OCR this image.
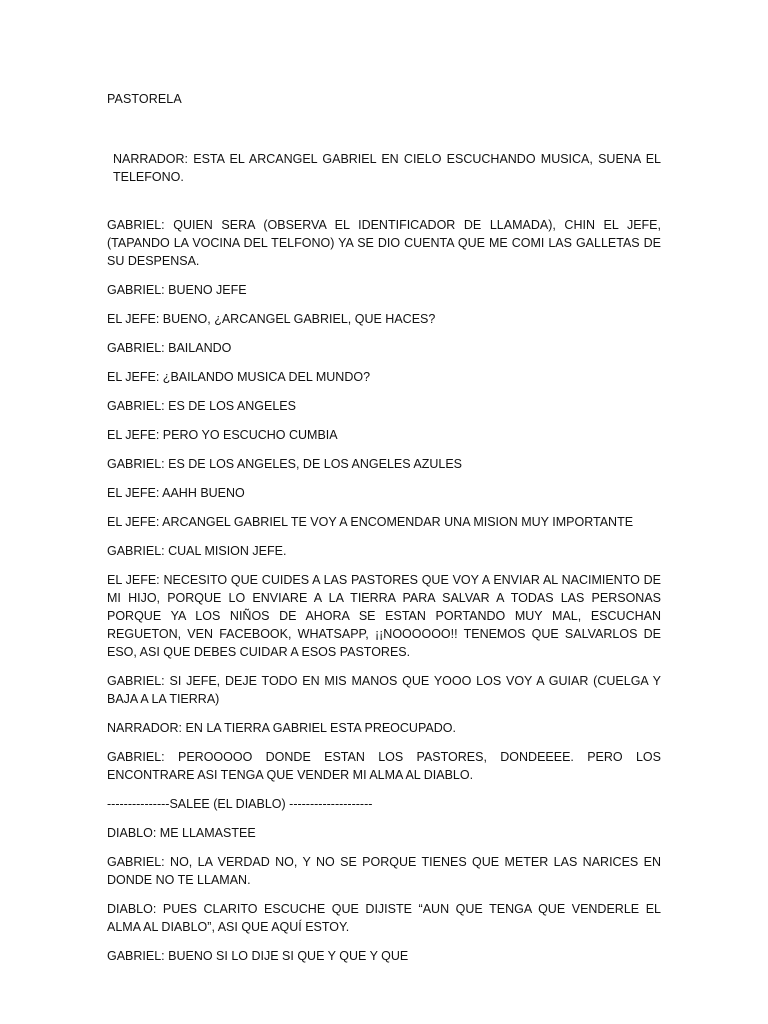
PASTORELA

NARRADOR: ESTA EL ARCANGEL GABRIEL EN CIELO ESCUCHANDO MUSICA, SUENA EL TELEFONO.

GABRIEL: QUIEN SERA (OBSERVA EL IDENTIFICADOR DE LLAMADA), CHIN EL JEFE, (TAPANDO LA VOCINA DEL TELFONO) YA SE DIO CUENTA QUE ME COMI LAS GALLETAS DE SU DESPENSA.

GABRIEL: BUENO JEFE

EL JEFE: BUENO, ¿ARCANGEL GABRIEL, QUE HACES?

GABRIEL: BAILANDO

EL JEFE: ¿BAILANDO MUSICA DEL MUNDO?

GABRIEL: ES DE LOS ANGELES

EL JEFE: PERO YO ESCUCHO CUMBIA

GABRIEL: ES DE LOS ANGELES, DE LOS ANGELES AZULES

EL JEFE: AAHH BUENO

EL JEFE: ARCANGEL GABRIEL TE VOY A ENCOMENDAR UNA MISION MUY IMPORTANTE

GABRIEL: CUAL MISION JEFE.

EL JEFE: NECESITO QUE CUIDES A LAS PASTORES QUE VOY A ENVIAR AL NACIMIENTO DE MI HIJO, PORQUE LO ENVIARE A LA TIERRA PARA SALVAR A TODAS LAS PERSONAS PORQUE YA LOS NIÑOS DE AHORA SE ESTAN PORTANDO MUY MAL, ESCUCHAN REGUETON, VEN FACEBOOK, WHATSAPP, ¡¡NOOOOOO!! TENEMOS QUE SALVARLOS DE ESO, ASI QUE DEBES CUIDAR A ESOS PASTORES.

GABRIEL: SI JEFE, DEJE TODO EN MIS MANOS QUE YOOO LOS VOY A GUIAR (CUELGA Y BAJA A LA TIERRA)

NARRADOR: EN LA TIERRA GABRIEL ESTA PREOCUPADO.

GABRIEL: PEROOOOO DONDE ESTAN LOS PASTORES, DONDEEEE. PERO LOS ENCONTRARE ASI TENGA QUE VENDER MI ALMA AL DIABLO.

---------------SALEE (EL DIABLO) --------------------

DIABLO: ME LLAMASTEE

GABRIEL: NO, LA VERDAD NO, Y NO SE PORQUE TIENES QUE METER LAS NARICES EN DONDE NO TE LLAMAN.

DIABLO: PUES CLARITO ESCUCHE QUE DIJISTE “AUN QUE TENGA QUE VENDERLE EL ALMA AL DIABLO”, ASI QUE AQUÍ ESTOY.

GABRIEL: BUENO SI LO DIJE SI QUE Y QUE Y QUE
